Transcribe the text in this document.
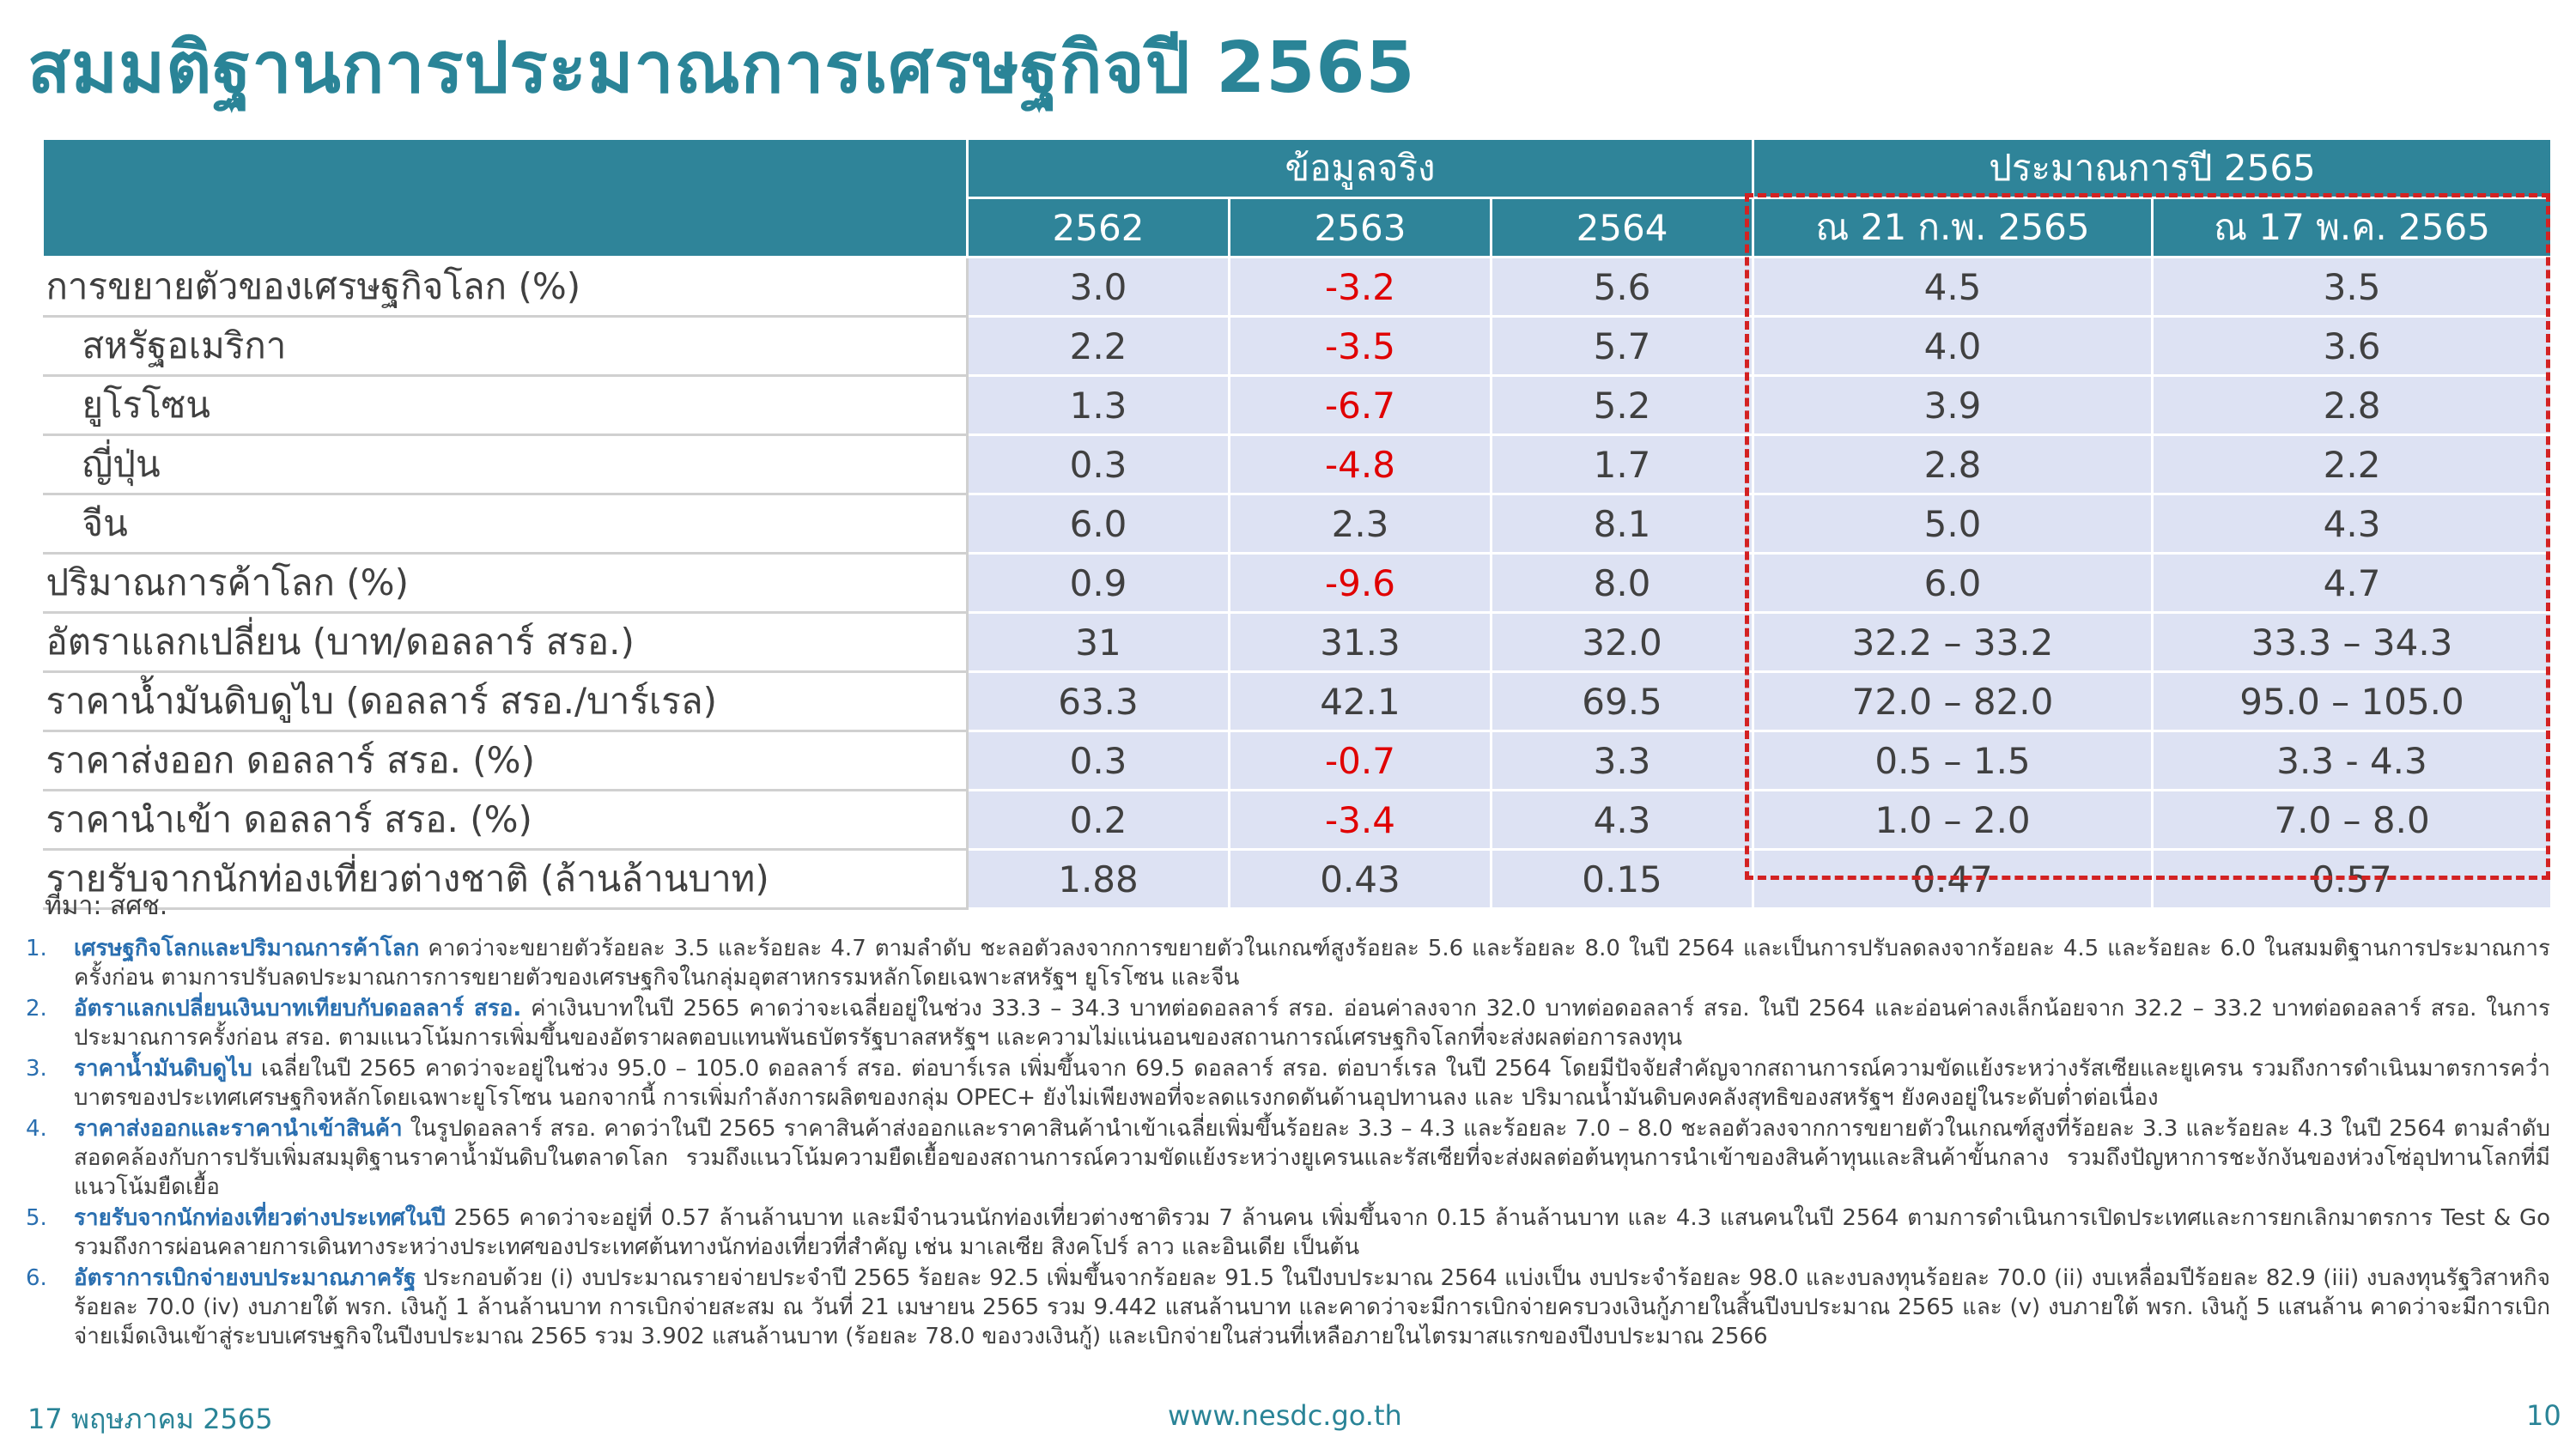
สมมติฐานการประมาณการเศรษฐกิจปี 2565
	ข้อมูลจริง			ประมาณการปี 2565	
	2562	2563	2564	ณ 21 ก.พ. 2565	ณ 17 พ.ค. 2565
การขยายตัวของเศรษฐกิจโลก (%)	3.0	-3.2	5.6	4.5	3.5
สหรัฐอเมริกา	2.2	-3.5	5.7	4.0	3.6
ยูโรโซน	1.3	-6.7	5.2	3.9	2.8
ญี่ปุ่น	0.3	-4.8	1.7	2.8	2.2
จีน	6.0	2.3	8.1	5.0	4.3
ปริมาณการค้าโลก (%)	0.9	-9.6	8.0	6.0	4.7
อัตราแลกเปลี่ยน (บาท/ดอลลาร์ สรอ.)	31	31.3	32.0	32.2 – 33.2	33.3 – 34.3
ราคาน้ำมันดิบดูไบ (ดอลลาร์ สรอ./บาร์เรล)	63.3	42.1	69.5	72.0 – 82.0	95.0 – 105.0
ราคาส่งออก ดอลลาร์ สรอ. (%)	0.3	-0.7	3.3	0.5 – 1.5	3.3 - 4.3
ราคานำเข้า ดอลลาร์ สรอ. (%)	0.2	-3.4	4.3	1.0 – 2.0	7.0 – 8.0
รายรับจากนักท่องเที่ยวต่างชาติ (ล้านล้านบาท)	1.88	0.43	0.15	0.47	0.57
ที่มา: สศช.
1. เศรษฐกิจโลกและปริมาณการค้าโลก คาดว่าจะขยายตัวร้อยละ 3.5 และร้อยละ 4.7 ตามลำดับ ชะลอตัวลงจากการขยายตัวในเกณฑ์สูงร้อยละ 5.6 และร้อยละ 8.0 ในปี 2564 และเป็นการปรับลดลงจากร้อยละ 4.5 และร้อยละ 6.0 ในสมมติฐานการประมาณการครั้งก่อน ตามการปรับลดประมาณการการขยายตัวของเศรษฐกิจในกลุ่มอุตสาหกรรมหลักโดยเฉพาะสหรัฐฯ ยูโรโซน และจีน
2. อัตราแลกเปลี่ยนเงินบาทเทียบกับดอลลาร์ สรอ. ค่าเงินบาทในปี 2565 คาดว่าจะเฉลี่ยอยู่ในช่วง 33.3 – 34.3 บาทต่อดอลลาร์ สรอ. อ่อนค่าลงจาก 32.0 บาทต่อดอลลาร์ สรอ. ในปี 2564 และอ่อนค่าลงเล็กน้อยจาก 32.2 – 33.2 บาทต่อดอลลาร์ สรอ. ในการประมาณการครั้งก่อน สรอ. ตามแนวโน้มการเพิ่มขึ้นของอัตราผลตอบแทนพันธบัตรรัฐบาลสหรัฐฯ และความไม่แน่นอนของสถานการณ์เศรษฐกิจโลกที่จะส่งผลต่อการลงทุน
3. ราคาน้ำมันดิบดูไบ เฉลี่ยในปี 2565 คาดว่าจะอยู่ในช่วง 95.0 – 105.0 ดอลลาร์ สรอ. ต่อบาร์เรล เพิ่มขึ้นจาก 69.5 ดอลลาร์ สรอ. ต่อบาร์เรล ในปี 2564 โดยมีปัจจัยสำคัญจากสถานการณ์ความขัดแย้งระหว่างรัสเซียและยูเครน รวมถึงการดำเนินมาตรการคว่ำบาตรของประเทศเศรษฐกิจหลักโดยเฉพาะยูโรโซน นอกจากนี้ การเพิ่มกำลังการผลิตของกลุ่ม OPEC+ ยังไม่เพียงพอที่จะลดแรงกดดันด้านอุปทานลง และ ปริมาณน้ำมันดิบคงคลังสุทธิของสหรัฐฯ ยังคงอยู่ในระดับต่ำต่อเนื่อง
4. ราคาส่งออกและราคานำเข้าสินค้า ในรูปดอลลาร์ สรอ. คาดว่าในปี 2565 ราคาสินค้าส่งออกและราคาสินค้านำเข้าเฉลี่ยเพิ่มขึ้นร้อยละ 3.3 – 4.3 และร้อยละ 7.0 – 8.0 ชะลอตัวลงจากการขยายตัวในเกณฑ์สูงที่ร้อยละ 3.3 และร้อยละ 4.3 ในปี 2564 ตามลำดับ สอดคล้องกับการปรับเพิ่มสมมุติฐานราคาน้ำมันดิบในตลาดโลก รวมถึงแนวโน้มความยืดเยื้อของสถานการณ์ความขัดแย้งระหว่างยูเครนและรัสเซียที่จะส่งผลต่อต้นทุนการนำเข้าของสินค้าทุนและสินค้าขั้นกลาง รวมถึงปัญหาการชะงักงันของห่วงโซ่อุปทานโลกที่มีแนวโน้มยืดเยื้อ
5. รายรับจากนักท่องเที่ยวต่างประเทศในปี 2565 คาดว่าจะอยู่ที่ 0.57 ล้านล้านบาท และมีจำนวนนักท่องเที่ยวต่างชาติรวม 7 ล้านคน เพิ่มขึ้นจาก 0.15 ล้านล้านบาท และ 4.3 แสนคนในปี 2564 ตามการดำเนินการเปิดประเทศและการยกเลิกมาตรการ Test & Go รวมถึงการผ่อนคลายการเดินทางระหว่างประเทศของประเทศต้นทางนักท่องเที่ยวที่สำคัญ เช่น มาเลเซีย สิงคโปร์ ลาว และอินเดีย เป็นต้น
6. อัตราการเบิกจ่ายงบประมาณภาครัฐ ประกอบด้วย (i) งบประมาณรายจ่ายประจำปี 2565 ร้อยละ 92.5 เพิ่มขึ้นจากร้อยละ 91.5 ในปีงบประมาณ 2564 แบ่งเป็น งบประจำร้อยละ 98.0 และงบลงทุนร้อยละ 70.0 (ii) งบเหลื่อมปีร้อยละ 82.9 (iii) งบลงทุนรัฐวิสาหกิจร้อยละ 70.0 (iv) งบภายใต้ พรก. เงินกู้ 1 ล้านล้านบาท การเบิกจ่ายสะสม ณ วันที่ 21 เมษายน 2565 รวม 9.442 แสนล้านบาท และคาดว่าจะมีการเบิกจ่ายครบวงเงินกู้ภายในสิ้นปีงบประมาณ 2565 และ (v) งบภายใต้ พรก. เงินกู้ 5 แสนล้าน คาดว่าจะมีการเบิกจ่ายเม็ดเงินเข้าสู่ระบบเศรษฐกิจในปีงบประมาณ 2565 รวม 3.902 แสนล้านบาท (ร้อยละ 78.0 ของวงเงินกู้) และเบิกจ่ายในส่วนที่เหลือภายในไตรมาสแรกของปีงบประมาณ 2566
17 พฤษภาคม 2565	www.nesdc.go.th	10
